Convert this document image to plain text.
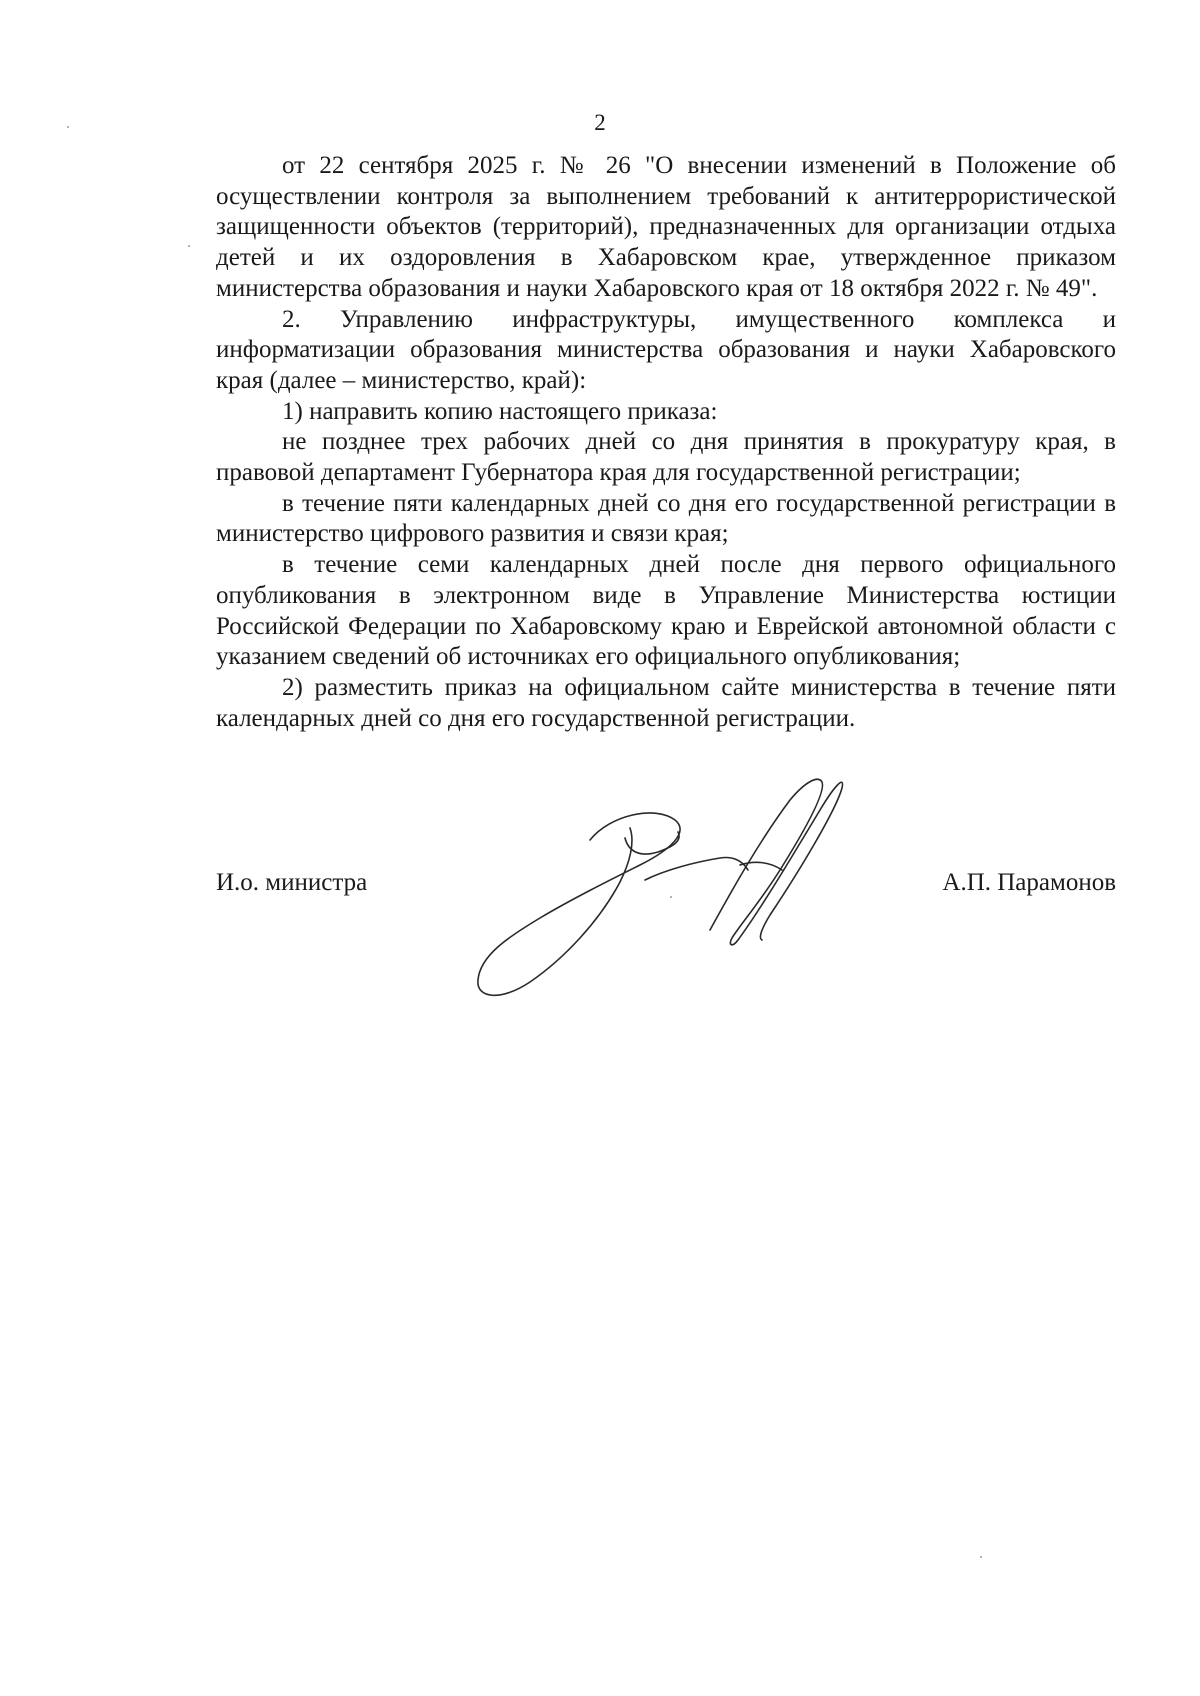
2

от 22 сентября 2025 г. № 26 "О внесении изменений в Положение об осуществлении контроля за выполнением требований к антитеррористической защищенности объектов (территорий), предназначенных для организации отдыха детей и их оздоровления в Хабаровском крае, утвержденное приказом министерства образования и науки Хабаровского края от 18 октября 2022 г. № 49".

2. Управлению инфраструктуры, имущественного комплекса и информатизации образования министерства образования и науки Хабаровского края (далее – министерство, край):

1) направить копию настоящего приказа:

не позднее трех рабочих дней со дня принятия в прокуратуру края, в правовой департамент Губернатора края для государственной регистрации;

в течение пяти календарных дней со дня его государственной регистрации в министерство цифрового развития и связи края;

в течение семи календарных дней после дня первого официального опубликования в электронном виде в Управление Министерства юстиции Российской Федерации по Хабаровскому краю и Еврейской автономной области с указанием сведений об источниках его официального опубликования;

2) разместить приказ на официальном сайте министерства в течение пяти календарных дней со дня его государственной регистрации.

И.о. министра	А.П. Парамонов
